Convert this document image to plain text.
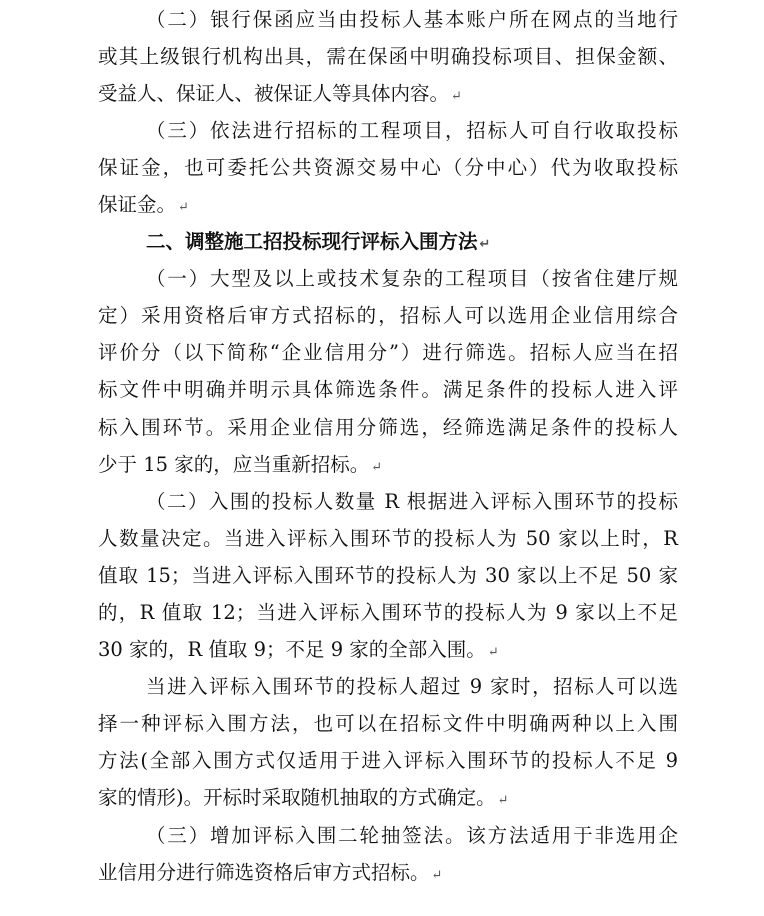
（二）银行保函应当由投标人基本账户所在网点的当地行
或其上级银行机构出具，需在保函中明确投标项目、担保金额、
受益人、保证人、被保证人等具体内容。 ↵
（三）依法进行招标的工程项目，招标人可自行收取投标
保证金，也可委托公共资源交易中心（分中心）代为收取投标
保证金。 ↵
二、调整施工招投标现行评标入围方法 ↵
（一）大型及以上或技术复杂的工程项目（按省住建厅规
定）采用资格后审方式招标的，招标人可以选用企业信用综合
评价分（以下简称“企业信用分”）进行筛选。招标人应当在招
标文件中明确并明示具体筛选条件。满足条件的投标人进入评
标入围环节。采用企业信用分筛选，经筛选满足条件的投标人
少于 15 家的，应当重新招标。 ↵
（二）入围的投标人数量 R 根据进入评标入围环节的投标
人数量决定。当进入评标入围环节的投标人为 50 家以上时，R
值取 15；当进入评标入围环节的投标人为 30 家以上不足 50 家
的，R 值取 12；当进入评标入围环节的投标人为 9 家以上不足
30 家的，R 值取 9；不足 9 家的全部入围。 ↵
当进入评标入围环节的投标人超过 9 家时，招标人可以选
择一种评标入围方法，也可以在招标文件中明确两种以上入围
方法(全部入围方式仅适用于进入评标入围环节的投标人不足 9
家的情形)。开标时采取随机抽取的方式确定。 ↵
（三）增加评标入围二轮抽签法。该方法适用于非选用企
业信用分进行筛选资格后审方式招标。 ↵
